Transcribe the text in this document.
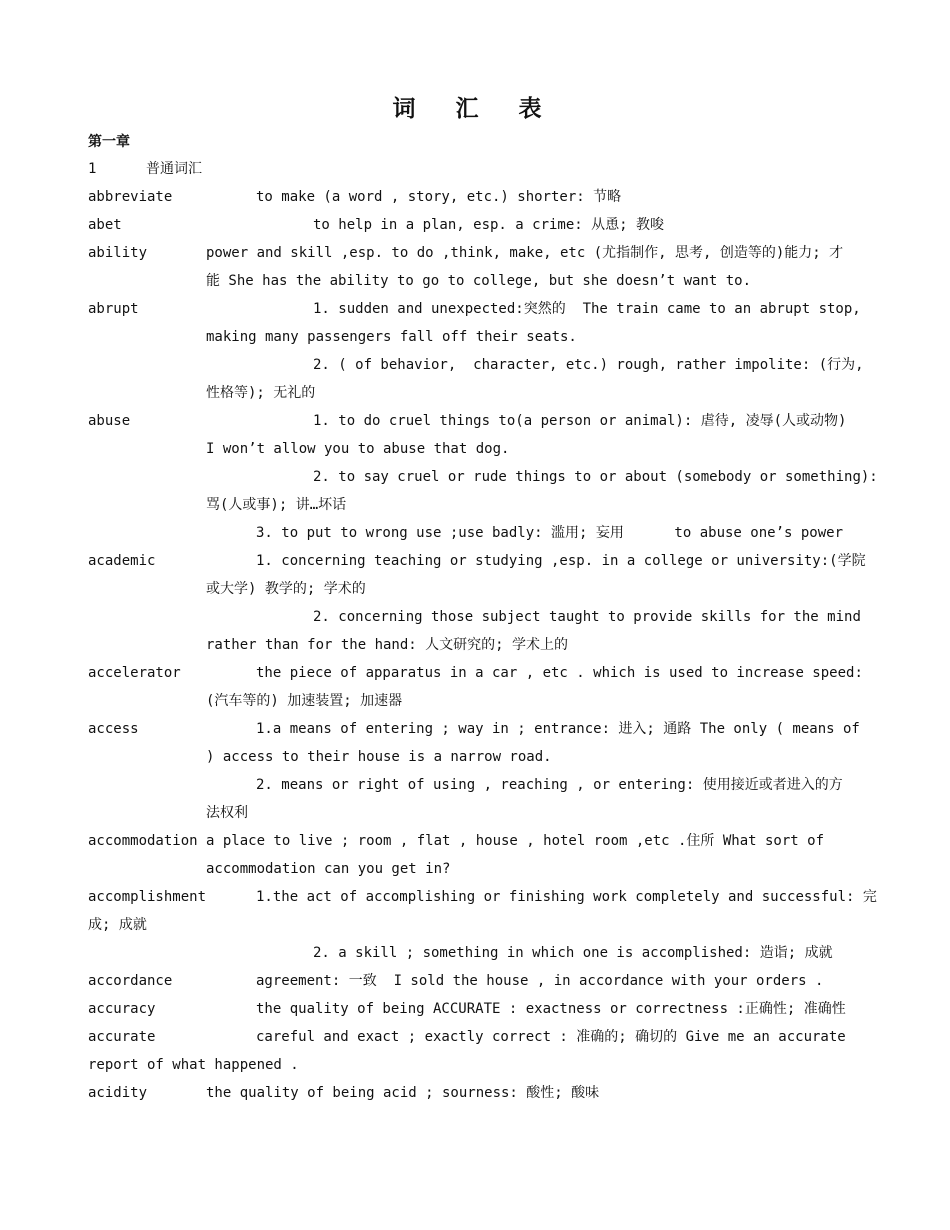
词 汇 表
第一章
1	普通词汇
abbreviate	to make (a word , story, etc.) shorter: 节略
abet	to help in a plan, esp. a crime: 从恿; 教唆
ability	power and skill ,esp. to do ,think, make, etc (尤指制作, 思考, 创造等的)能力; 才
能 She has the ability to go to college, but she doesn’t want to.
abrupt	1. sudden and unexpected:突然的  The train came to an abrupt stop,
making many passengers fall off their seats.
2. ( of behavior,  character, etc.) rough, rather impolite: (行为,
性格等); 无礼的
abuse	1. to do cruel things to(a person or animal): 虐待, 凌辱(人或动物)
I won’t allow you to abuse that dog.
2. to say cruel or rude things to or about (somebody or something):
骂(人或事); 讲…坏话
3. to put to wrong use ;use badly: 滥用; 妄用      to abuse one’s power
academic	1. concerning teaching or studying ,esp. in a college or university:(学院
或大学) 教学的; 学术的
2. concerning those subject taught to provide skills for the mind
rather than for the hand: 人文研究的; 学术上的
accelerator	the piece of apparatus in a car , etc . which is used to increase speed:
(汽车等的) 加速装置; 加速器
access	1.a means of entering ; way in ; entrance: 进入; 通路 The only ( means of
) access to their house is a narrow road.
2. means or right of using , reaching , or entering: 使用接近或者进入的方
法权利
accommodation a place to live ; room , flat , house , hotel room ,etc .住所 What sort of
accommodation can you get in?
accomplishment	1.the act of accomplishing or finishing work completely and successful: 完
成; 成就
2. a skill ; something in which one is accomplished: 造诣; 成就
accordance	agreement: 一致  I sold the house , in accordance with your orders .
accuracy	the quality of being ACCURATE : exactness or correctness :正确性; 准确性
accurate	careful and exact ; exactly correct : 准确的; 确切的 Give me an accurate
report of what happened .
acidity	the quality of being acid ; sourness: 酸性; 酸味
